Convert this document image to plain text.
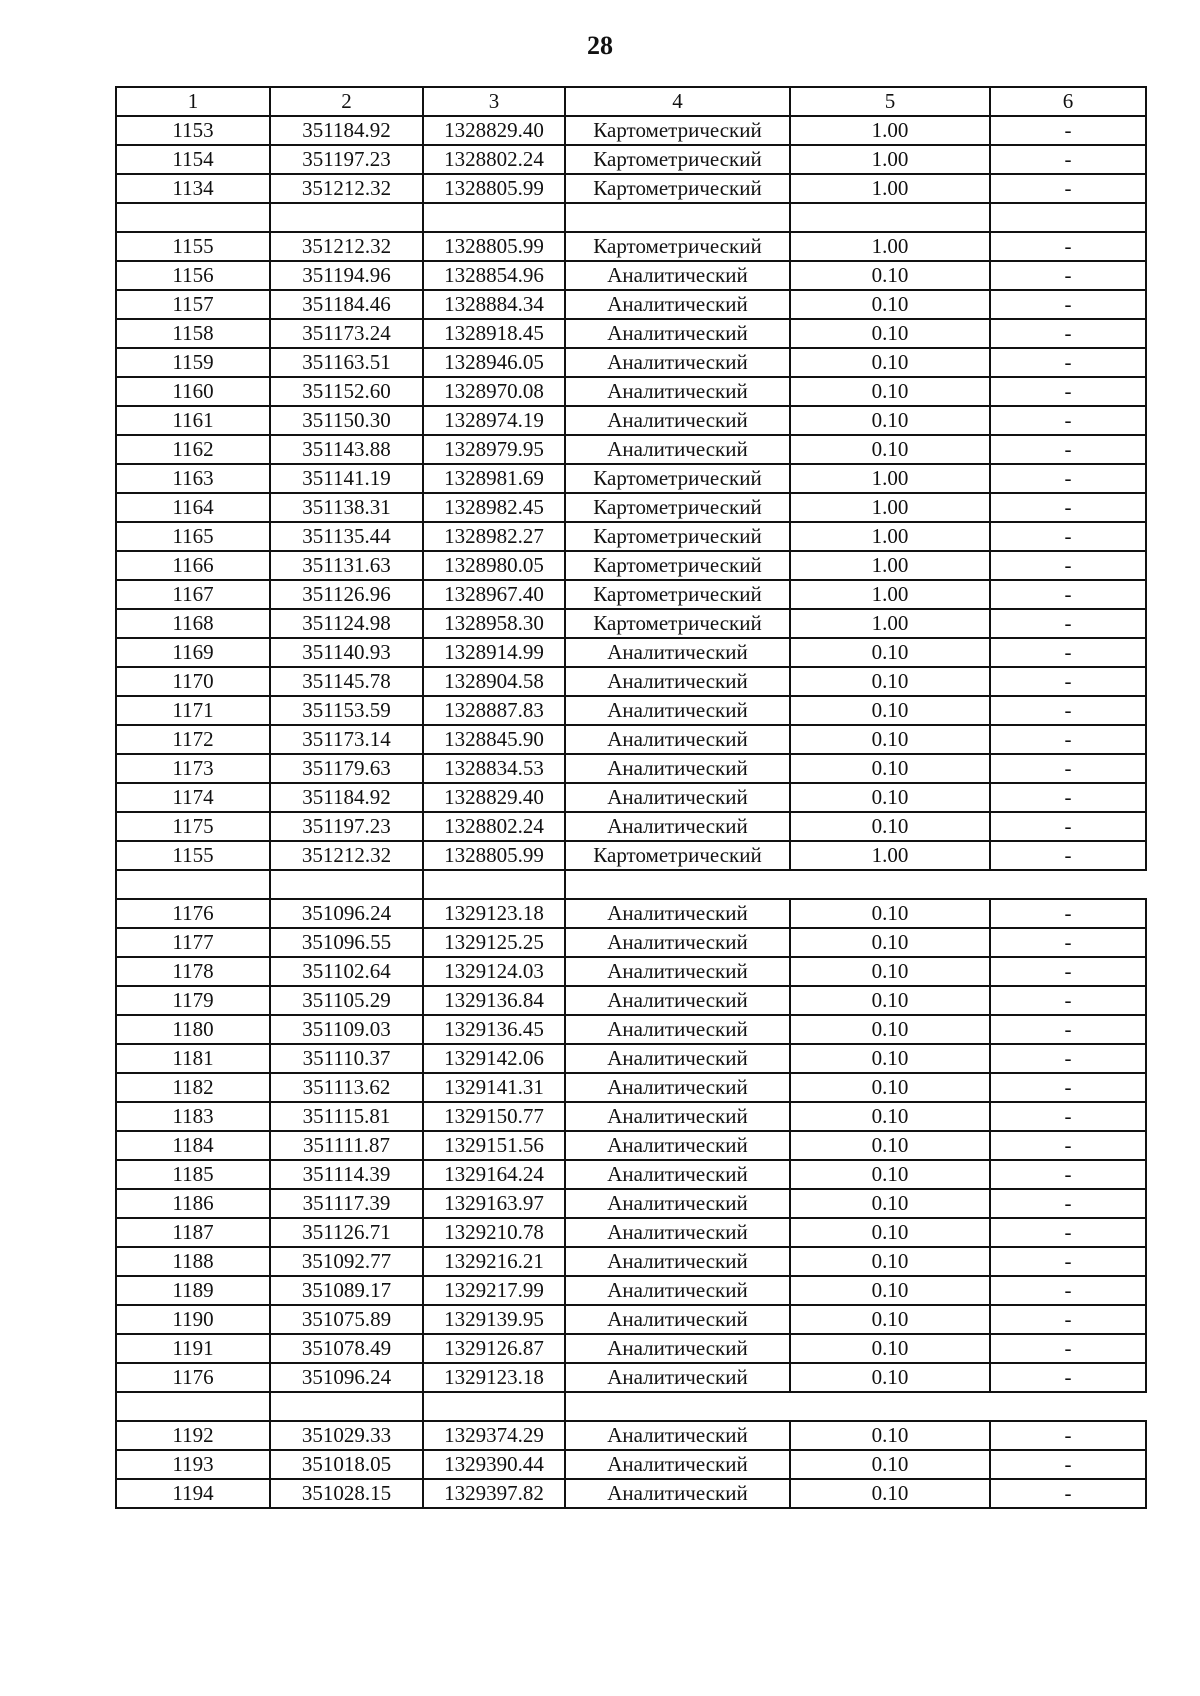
28
1	2	3	4	5	6
1153	351184.92	1328829.40	Картометрический	1.00	-
1154	351197.23	1328802.24	Картометрический	1.00	-
1134	351212.32	1328805.99	Картометрический	1.00	-

1155	351212.32	1328805.99	Картометрический	1.00	-
1156	351194.96	1328854.96	Аналитический	0.10	-
1157	351184.46	1328884.34	Аналитический	0.10	-
1158	351173.24	1328918.45	Аналитический	0.10	-
1159	351163.51	1328946.05	Аналитический	0.10	-
1160	351152.60	1328970.08	Аналитический	0.10	-
1161	351150.30	1328974.19	Аналитический	0.10	-
1162	351143.88	1328979.95	Аналитический	0.10	-
1163	351141.19	1328981.69	Картометрический	1.00	-
1164	351138.31	1328982.45	Картометрический	1.00	-
1165	351135.44	1328982.27	Картометрический	1.00	-
1166	351131.63	1328980.05	Картометрический	1.00	-
1167	351126.96	1328967.40	Картометрический	1.00	-
1168	351124.98	1328958.30	Картометрический	1.00	-
1169	351140.93	1328914.99	Аналитический	0.10	-
1170	351145.78	1328904.58	Аналитический	0.10	-
1171	351153.59	1328887.83	Аналитический	0.10	-
1172	351173.14	1328845.90	Аналитический	0.10	-
1173	351179.63	1328834.53	Аналитический	0.10	-
1174	351184.92	1328829.40	Аналитический	0.10	-
1175	351197.23	1328802.24	Аналитический	0.10	-
1155	351212.32	1328805.99	Картометрический	1.00	-

1176	351096.24	1329123.18	Аналитический	0.10	-
1177	351096.55	1329125.25	Аналитический	0.10	-
1178	351102.64	1329124.03	Аналитический	0.10	-
1179	351105.29	1329136.84	Аналитический	0.10	-
1180	351109.03	1329136.45	Аналитический	0.10	-
1181	351110.37	1329142.06	Аналитический	0.10	-
1182	351113.62	1329141.31	Аналитический	0.10	-
1183	351115.81	1329150.77	Аналитический	0.10	-
1184	351111.87	1329151.56	Аналитический	0.10	-
1185	351114.39	1329164.24	Аналитический	0.10	-
1186	351117.39	1329163.97	Аналитический	0.10	-
1187	351126.71	1329210.78	Аналитический	0.10	-
1188	351092.77	1329216.21	Аналитический	0.10	-
1189	351089.17	1329217.99	Аналитический	0.10	-
1190	351075.89	1329139.95	Аналитический	0.10	-
1191	351078.49	1329126.87	Аналитический	0.10	-
1176	351096.24	1329123.18	Аналитический	0.10	-

1192	351029.33	1329374.29	Аналитический	0.10	-
1193	351018.05	1329390.44	Аналитический	0.10	-
1194	351028.15	1329397.82	Аналитический	0.10	-
